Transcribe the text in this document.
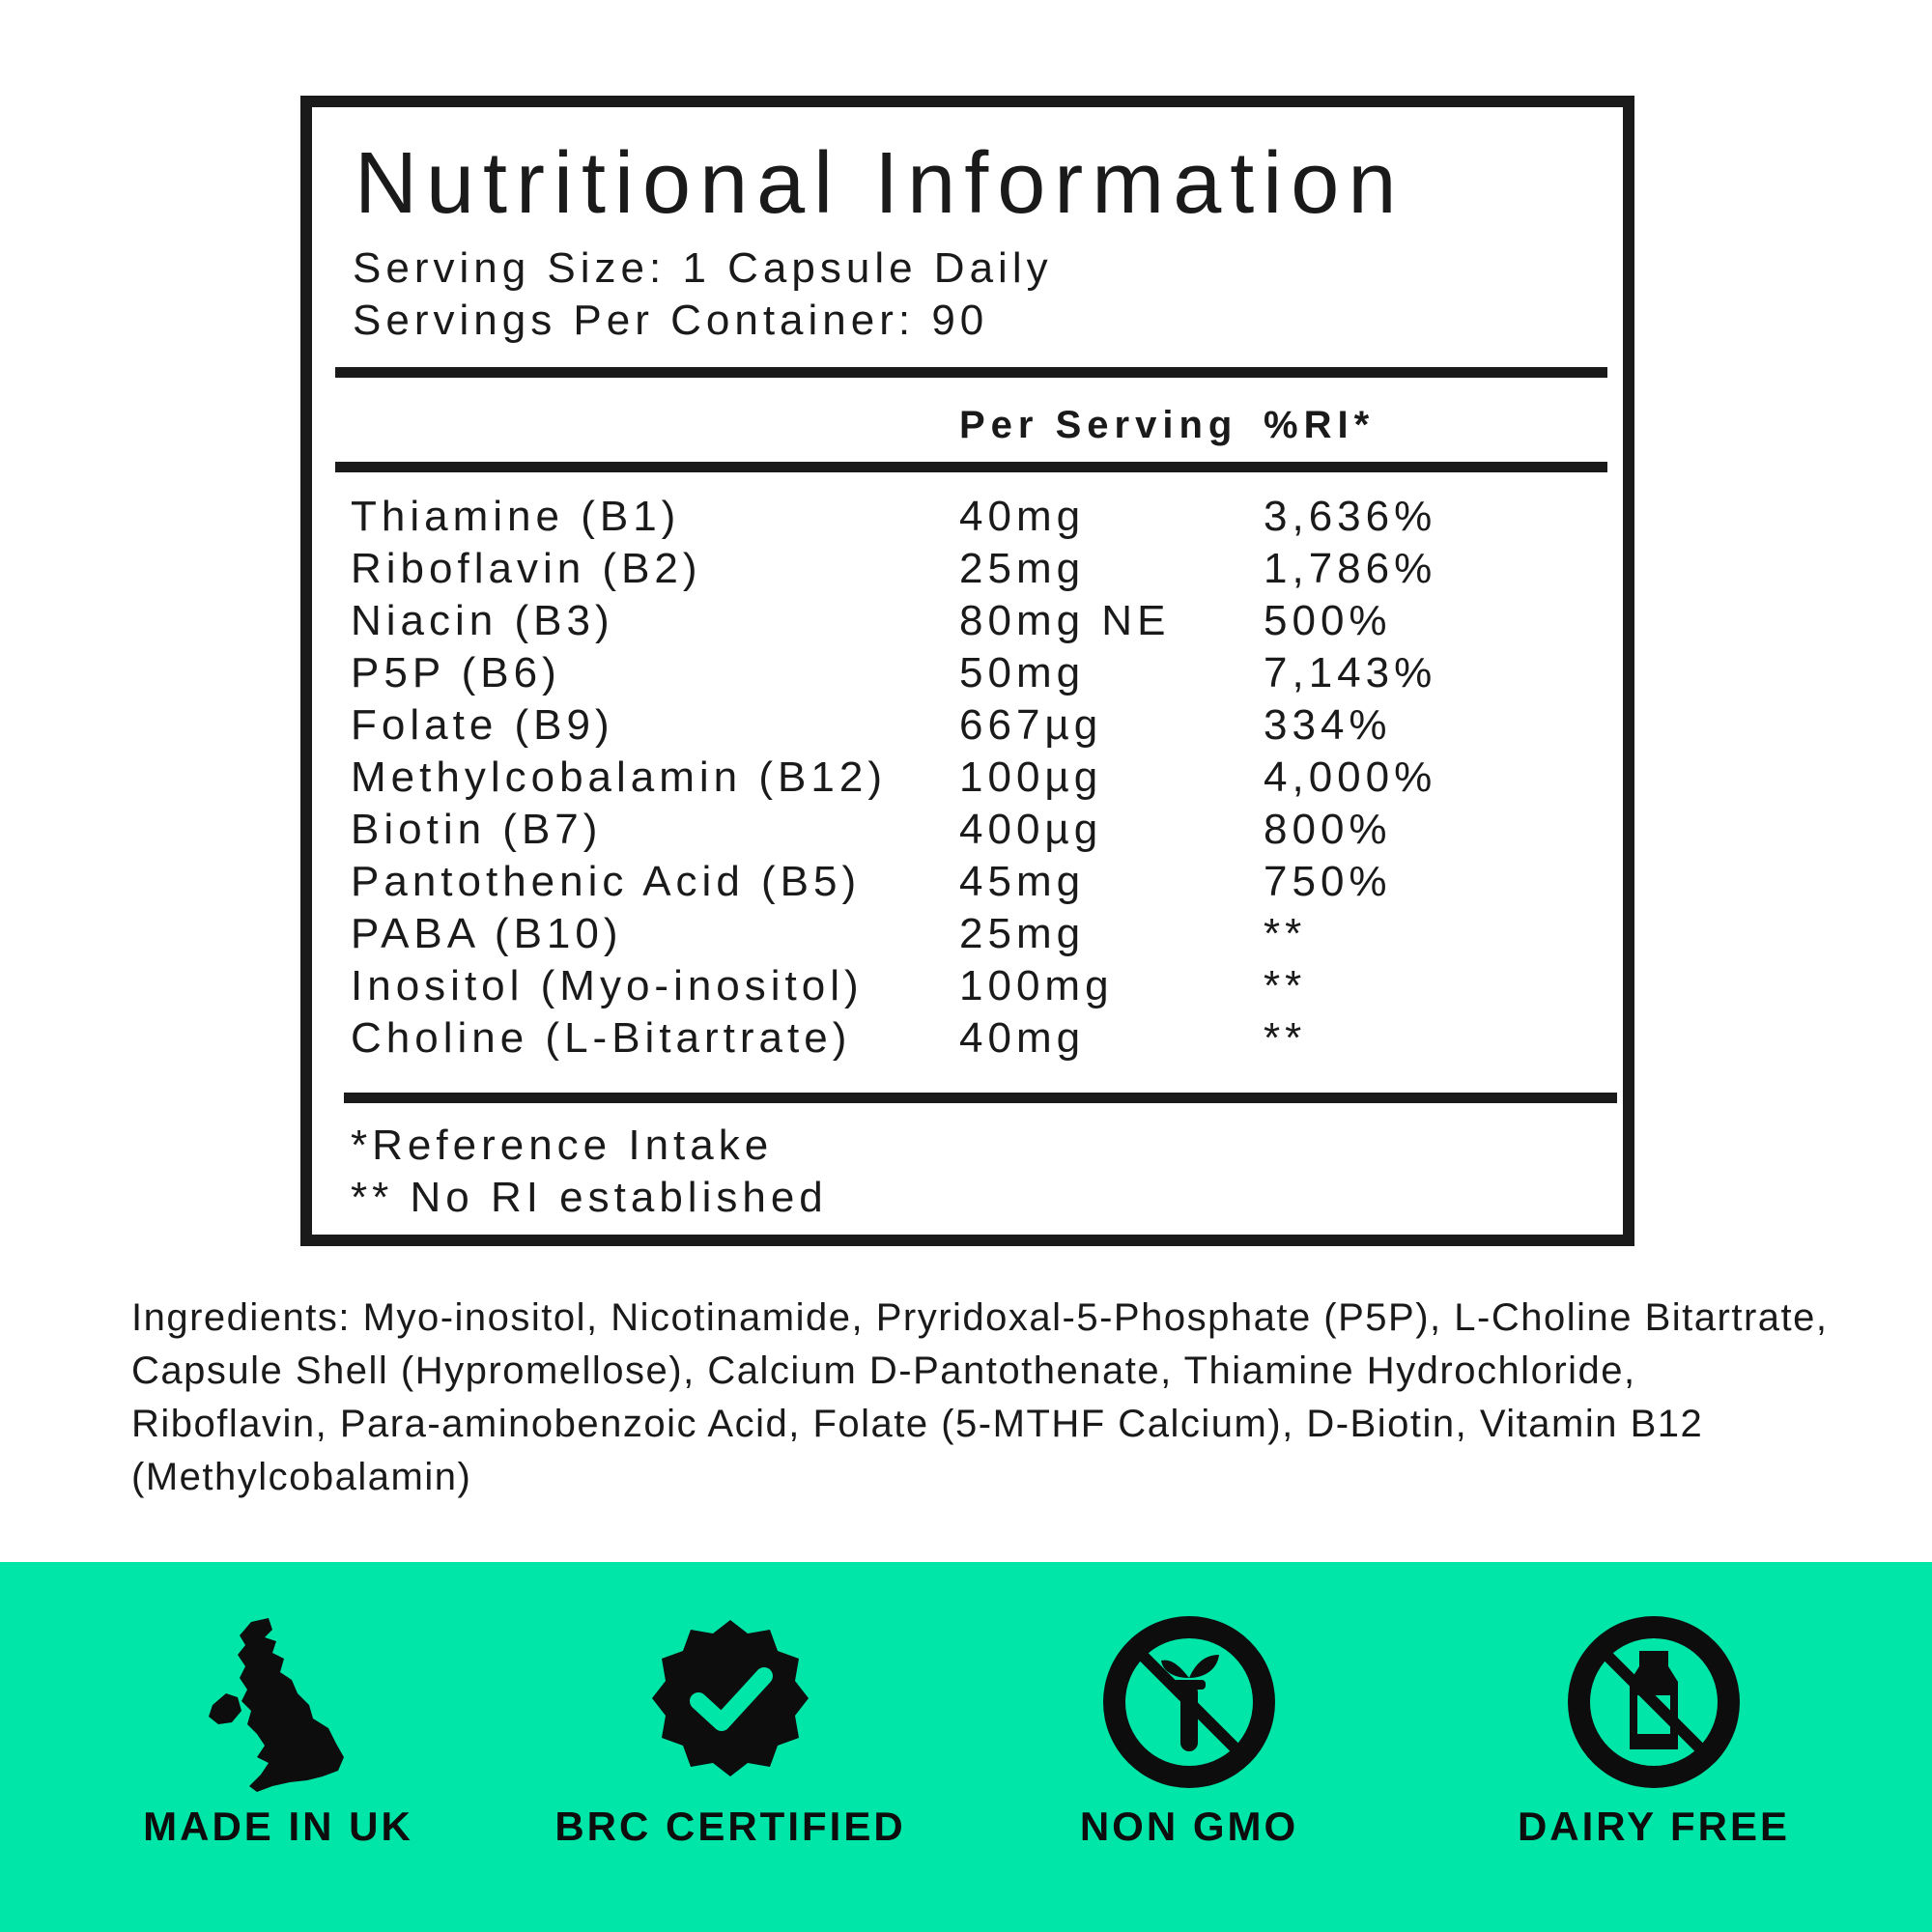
Nutritional Information
Serving Size: 1 Capsule Daily
Servings Per Container: 90
Per Serving %RI*
Thiamine (B1)	40mg	3,636%
Riboflavin (B2)	25mg	1,786%
Niacin (B3)	80mg NE 500%
P5P (B6)	50mg	7,143%
Folate (B9)	667µg	334%
Methylcobalamin (B12) 100µg	4,000%
Biotin (B7)	400µg	800%
Pantothenic Acid (B5) 45mg	750%
PABA (B10)	25mg	**
Inositol (Myo-inositol) 100mg	**
Choline (L-Bitartrate)	40mg	**
*Reference Intake
** No RI established
Ingredients: Myo-inositol, Nicotinamide, Pryridoxal-5-Phosphate (P5P), L-Choline Bitartrate, Capsule Shell (Hypromellose), Calcium D-Pantothenate, Thiamine Hydrochloride, Riboflavin, Para-aminobenzoic Acid, Folate (5-MTHF Calcium), D-Biotin, Vitamin B12 (Methylcobalamin)
MADE IN UK	BRC CERTIFIED	NON GMO	DAIRY FREE
